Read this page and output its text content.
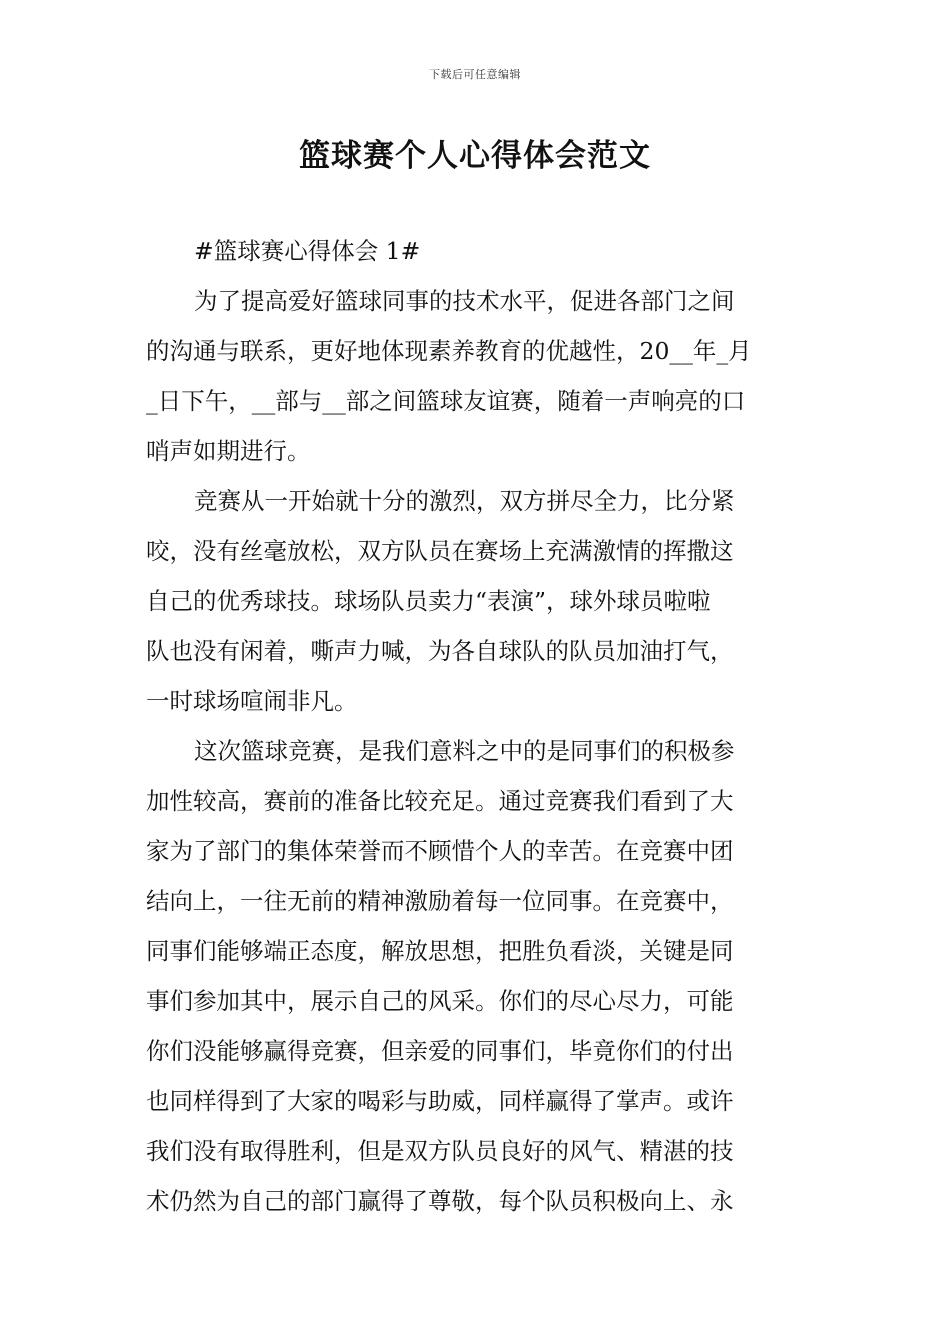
下载后可任意编辑
篮球赛个人心得体会范文
#篮球赛心得体会 1#
为了提高爱好篮球同事的技术水平，促进各部门之间
的沟通与联系，更好地体现素养教育的优越性，20__年_月
_日下午，__部与__部之间篮球友谊赛，随着一声响亮的口
哨声如期进行。
竞赛从一开始就十分的激烈，双方拼尽全力，比分紧
咬，没有丝毫放松，双方队员在赛场上充满激情的挥撒这
自己的优秀球技。球场队员卖力“表演”，球外球员啦啦
队也没有闲着，嘶声力喊，为各自球队的队员加油打气，
一时球场喧闹非凡。
这次篮球竞赛，是我们意料之中的是同事们的积极参
加性较高，赛前的准备比较充足。通过竞赛我们看到了大
家为了部门的集体荣誉而不顾惜个人的幸苦。在竞赛中团
结向上，一往无前的精神激励着每一位同事。在竞赛中，
同事们能够端正态度，解放思想，把胜负看淡，关键是同
事们参加其中，展示自己的风采。你们的尽心尽力，可能
你们没能够赢得竞赛，但亲爱的同事们，毕竟你们的付出
也同样得到了大家的喝彩与助威，同样赢得了掌声。或许
我们没有取得胜利，但是双方队员良好的风气、精湛的技
术仍然为自己的部门赢得了尊敬，每个队员积极向上、永
